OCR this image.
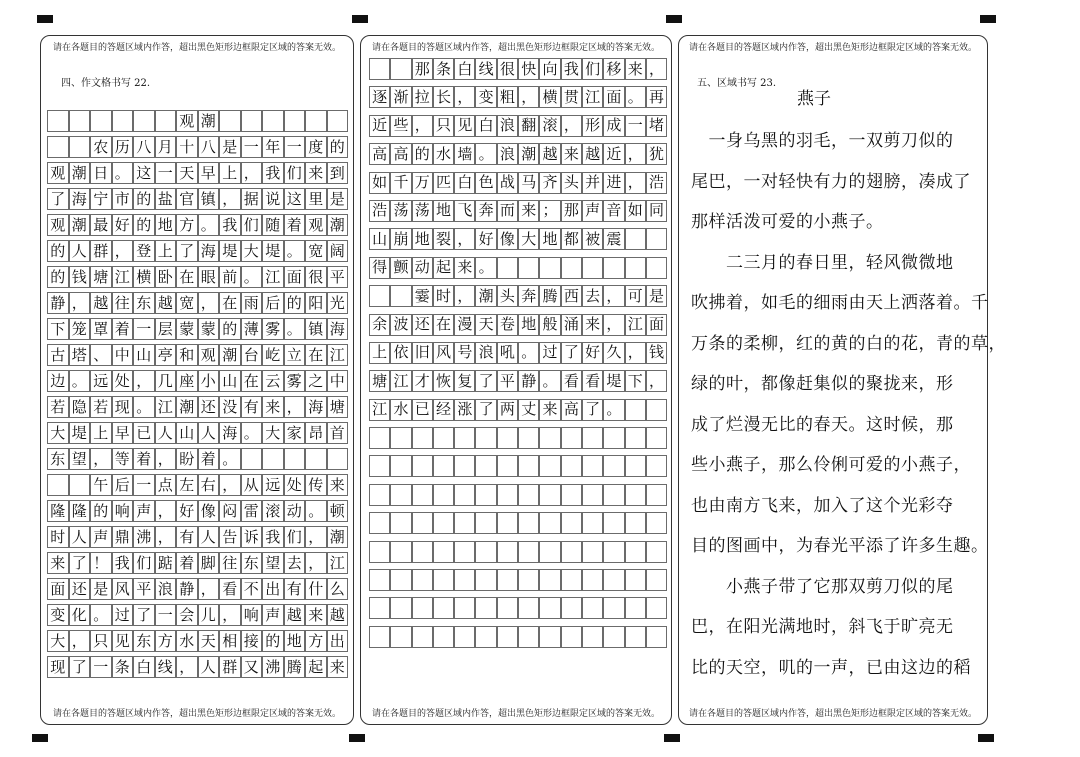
请在各题目的答题区域内作答，超出黑色矩形边框限定区域的答案无效。
四、作文格书写 22.
观 潮
农 历 八 月 十 八 是 一 年 一 度 的
观 潮 日 。 这 一 天 早 上 ， 我 们 来 到
了 海 宁 市 的 盐 官 镇 ， 据 说 这 里 是
观 潮 最 好 的 地 方 。 我 们 随 着 观 潮
的 人 群 ， 登 上 了 海 堤 大 堤 。 宽 阔
的 钱 塘 江 横 卧 在 眼 前 。 江 面 很 平
静 ， 越 往 东 越 宽 ， 在 雨 后 的 阳 光
下 笼 罩 着 一 层 蒙 蒙 的 薄 雾 。 镇 海
古 塔 、 中 山 亭 和 观 潮 台 屹 立 在 江
边 。 远 处 ， 几 座 小 山 在 云 雾 之 中
若 隐 若 现 。 江 潮 还 没 有 来 ， 海 塘
大 堤 上 早 已 人 山 人 海 。 大 家 昂 首
东 望 ， 等 着 ， 盼 着 。
午 后 一 点 左 右 ， 从 远 处 传 来
隆 隆 的 响 声 ， 好 像 闷 雷 滚 动 。 顿
时 人 声 鼎 沸 ， 有 人 告 诉 我 们 ， 潮
来 了 ！ 我 们 踮 着 脚 往 东 望 去 ， 江
面 还 是 风 平 浪 静 ， 看 不 出 有 什 么
变 化 。 过 了 一 会 儿 ， 响 声 越 来 越
大 ， 只 见 东 方 水 天 相 接 的 地 方 出
现 了 一 条 白 线 ， 人 群 又 沸 腾 起 来
请在各题目的答题区域内作答，超出黑色矩形边框限定区域的答案无效。
请在各题目的答题区域内作答，超出黑色矩形边框限定区域的答案无效。
那 条 白 线 很 快 向 我 们 移 来 ，
逐 渐 拉 长 ， 变 粗 ， 横 贯 江 面 。 再
近 些 ， 只 见 白 浪 翻 滚 ， 形 成 一 堵
高 高 的 水 墙 。 浪 潮 越 来 越 近 ， 犹
如 千 万 匹 白 色 战 马 齐 头 并 进 ， 浩
浩 荡 荡 地 飞 奔 而 来 ； 那 声 音 如 同
山 崩 地 裂 ， 好 像 大 地 都 被 震
得 颤 动 起 来 。
霎 时 ， 潮 头 奔 腾 西 去 ， 可 是
余 波 还 在 漫 天 卷 地 般 涌 来 ， 江 面
上 依 旧 风 号 浪 吼 。 过 了 好 久 ， 钱
塘 江 才 恢 复 了 平 静 。 看 看 堤 下 ，
江 水 已 经 涨 了 两 丈 来 高 了 。
请在各题目的答题区域内作答，超出黑色矩形边框限定区域的答案无效。
请在各题目的答题区域内作答，超出黑色矩形边框限定区域的答案无效。
五、区域书写 23.
燕子
　一身乌黑的羽毛，一双剪刀似的
尾巴，一对轻快有力的翅膀，凑成了
那样活泼可爱的小燕子。
　　二三月的春日里，轻风微微地
吹拂着，如毛的细雨由天上洒落着。千
万条的柔柳，红的黄的白的花，青的草，
绿的叶，都像赶集似的聚拢来，形
成了烂漫无比的春天。这时候，那
些小燕子，那么伶俐可爱的小燕子，
也由南方飞来，加入了这个光彩夺
目的图画中，为春光平添了许多生趣。
　　小燕子带了它那双剪刀似的尾
巴，在阳光满地时，斜飞于旷亮无
比的天空，叽的一声，已由这边的稻
请在各题目的答题区域内作答，超出黑色矩形边框限定区域的答案无效。
